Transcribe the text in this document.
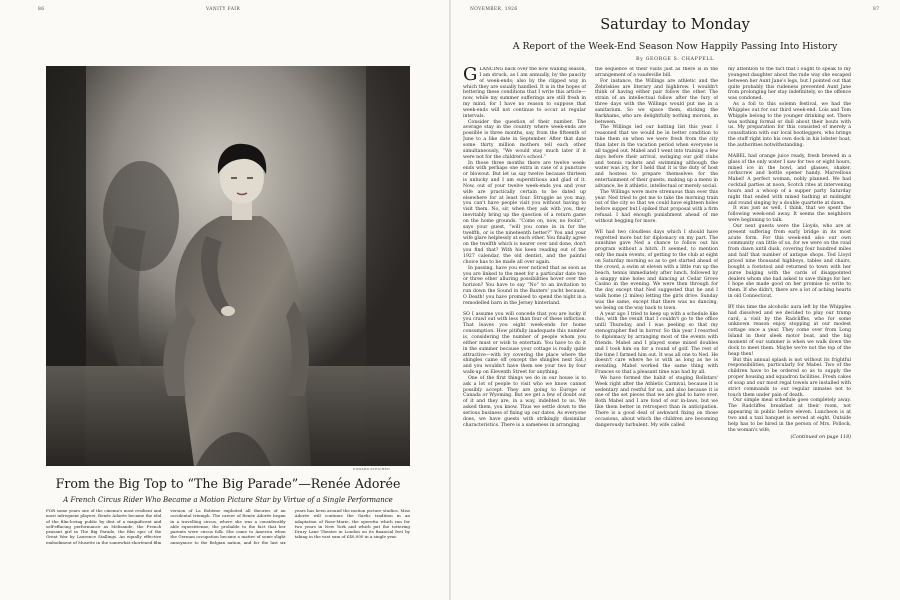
86	VANITY FAIR
EDWARD STEICHEN
From the Big Top to “The Big Parade”—Renée Adorée
A French Circus Rider Who Became a Motion Picture Star by Virtue of a Single Performance
FOR some years one of the cinema's most resilient and most infrequent players, Renée Adorée became the idol of the film-loving public by dint of a magnificent and self-effacing performance as Melisande, the French peasant girl in The Big Parade, the film epic of the Great War by Laurence Stallings. An equally effective embodiment of Musette in the somewhat shortened film version of La Bohème exploited all theories of an accidental triumph. The career of Renée Adorée began in a travelling circus, where she was a considerably able equestrienne, the probable to the fact that her parents were circus folk. She came to America when the German occupation became a matter of some slight annoyance to the Belgian nation, and for the last six years has been around the motion picture studios. Miss Adorée will continue the Gaelic tradition in an adaptation of Rose-Marie, the operetta which ran for two years in New York and which put the tottering Drury Lane Theatre in London on its financial feet by taking in the vast sum of £40,000 in a single year.
NOVEMBER, 1926	87
Saturday to Monday
A Report of the Week-End Season Now Happily Passing Into History
By GEORGE S. CHAPPELL

GLANCING back over the now waning season, I am struck, as I am annually, by the paucity of week-ends; also by the clipped way in which they are usually handled. It is in the hopes of bettering these conditions that I write this article—now, while my summer sufferings are still fresh in my mind, for I have no reason to suppose that week-ends will not continue to occur at regular intervals.

Consider the question of their number. The average stay in the country where week-ends are possible is three months, say, from the fifteenth of June to a like date in September. After that date some thirty million mothers tell each other simultaneously, “We would stay much later if it were not for the children's school.”

In those three months there are twelve week-ends with perhaps one extra in case of a puncture or blowout. But let us say twelve because thirteen is unlucky and I am superstitious and glad of it. Now, out of your twelve week-ends you and your wife are practically certain to be dated up elsewhere for at least four. Struggle as you may, you can't have people visit you without having to visit them. No, sir, when they ask with you, they inevitably bring up the question of a return game on the home grounds. “Come on, now, no foolin'”, says your guest, “will you come in in for the twelfth, or is the nineteenth better?” You and your wife glare helplessly at each other. You finally agree on the twelfth which is nearer over and done, don't you find that? With his keen reading out of the 1927 calendar, the old dentist, and the painful choice has to be made all over again.

In passing, have you ever noticed that as soon as you are linked to the meet for a particular date two or three other alluring possibilities hover over the horizon? You have to say “No” to an invitation to run down the Sound in the Baxters' yacht because, O Death! you have promised to spend the night in a remodelled barn in the Jersey hinterland.

SO I assume you will concede that you are lucky if you crawl out with less than four of these infliction. That leaves you eight week-ends for home consumption. How pitifully inadequate this number is, considering the number of people whom you either must or wish to entertain. You have to do it in the summer because your cottage is really quite attractive—with ivy covering the place where the shingles came off (except the shingles next Sat.) and you wouldn't have them see your two by four walk-up on Eleventh Street for anything.

One of the first things we do in our house is to ask a lot of people to visit who we know cannot possibly accept. They are going to Europe or Canada or Wyoming. But we get a few of doubt out of it and they are, in a way, indebted to us. We asked them, you know. Thus we settle down to the serious business of fixing up our dates. As everyone does, we have guests with strikingly dissimilar characteristics. There is a sameness in arranging

the sequence of their visits just as there is in the arrangement of a vaudeville bill.

For instance, the Willings are athletic and the Zebriskies are literary and highbrow. I wouldn't think of having either pair follow the other. The strain of an intellectual follow after the fury of three days with the Willings would put me in a sanitarium. So we space them, sticking the Barkhams, who are delightfully nothing morons, in between.

The Willings led our batting list this year. I reasoned that we would be in better condition to take them on when we were fresh from the city than later in the vacation period when everyone is all tagged out. Mabel and I went into training a few days before their arrival, swinging our golf clubs and tennis rackets and swimming although the water was icy, for I held that it is the duty of host and hostess to prepare themselves for the entertainment of their guests, making up a menu in advance, be it athletic, intellectual or merely social.

The Willings were more strenuous than ever this year. Ned tried to get me to take the morning train out of the city so that we could have eighteen holes before supper but I spiked that proposal with a firm refusal. I had enough punishment ahead of me without begging for more.

WE had two cloudless days which I should have regretted more but for diplomacy on my part. The sunshine gave Ned a chance to follow out his program without a hitch. It seemed, to mention only the main events, of getting to the club at eight on Saturday morning so as to get started ahead of the crowd, a swim at eleven with a little run up the beach, tennis immediately after lunch, followed by a snappy nine holes and dancing at Cedar Grove Casino in the evening. We were then through for the day except that Ned suggested that he and I walk home (2 miles) letting the girls drive. Sunday was the same, except that there was no dancing, we being on the way back to town.

A year ago I tried to keep up with a schedule like this, with the result that I couldn't go to the office until Thursday, and I was peeling so that my stenographer fled in horror. So this year I resorted to diplomacy by arranging most of the events with friends. Mabel and I played some mixed doubles and I took him on for a round of golf. The rest of the time I farmed him out. It was all one to Ned. He doesn't care where he is with as long as he is sweating. Mabel worked the same thing with Frances so that a pleasant time was had by all.

We have formed the habit of staging Rollstars' Week right after the Athletic Carnival, because it is sedentary and restful for us, and also because it is one of the set pieces that we are glad to have over. Both Mabel and I are fond of our in-laws, but we like them better in retrospect than in anticipation. There is a good deal of awkward fixing on those occasions, about which the children are becoming dangerously turbulent. My wife called

my attention to the fact that I ought to speak to my youngest daughter about the rude way she escaped between her Aunt Jane's legs, but I pointed out that quite probably this rudeness prevented Aunt Jane from prolonging her stay indefinitely, so the offence was condoned.

As a foil to this solemn festival, we had the Whipples out for our third week-end. Lois and Tom Whipple belong to the younger drinking set. There was nothing formal or dull about their bouts with us. My preparation for this consisted of merely a consultation with our local bootleggers, who brings the stuff right into his own dock in his lobster boat, the authorities notwithstanding.

MABEL had orange juice ready, fresh brewed in a glass of the only water I saw for two or eight hours, mixed ice in the bowl, and glasses, shaker, corkscrew and bottle opener handy. Marvellous Mabel! A perfect woman, nobly planned. We had cocktail parties at noon, Scotch rites at intervening hours and a whoop of a supper party Saturday night that ended with mixed bathing at midnight and round singing by a double quartette at dawn.

It was just as well, I think, that we spent the following week-end away. It seems the neighbors were beginning to talk.

Our next guests were the Lloyds, who are at present suffering from early bridge in its most acute form. For this week-end also our own community can little of us, for we were on the road from dawn until dusk, covering four hundred miles and half that number of antique shops. Ted Lloyd priced nine thousand highboys, tables and chairs, bought a footstool and returned to town with her purse bulging with the cards of disappointed dealers whom she had asked to save things for her. I hope she made good on her promise to write to them. If she didn't, there are a lot of aching hearts in old Connecticut.

BY this time the alcoholic aura left by the Whipples had dissolved and we decided to play our trump card, a visit by the Radcliffes, who for some unknown reason enjoy stopping at our modest cottage once a year. They come over from Long Island in their sleek motor boat, and the big moment of our summer is when we walk down the dock to meet them. Maybe we're not the top of the heap then!

But this annual splash is not without its frightful responsibilities, particularly for Mabel. Two of the children have to be ordered so as to supply the proper housing and squadron facilities. Fresh cakes of soap and our most regal towels are installed with strict commands to our regular inmates not to touch them under pain of death.

Our simple meal schedule goes completely away. The Radcliffes breakfast at their room, not appearing in public before eleven. Luncheon is at two and a taxi banquet is served at eight. Outside help has to be hired in the person of Mrs. Pollock, the woman's wife,

(Continued on page 118)
